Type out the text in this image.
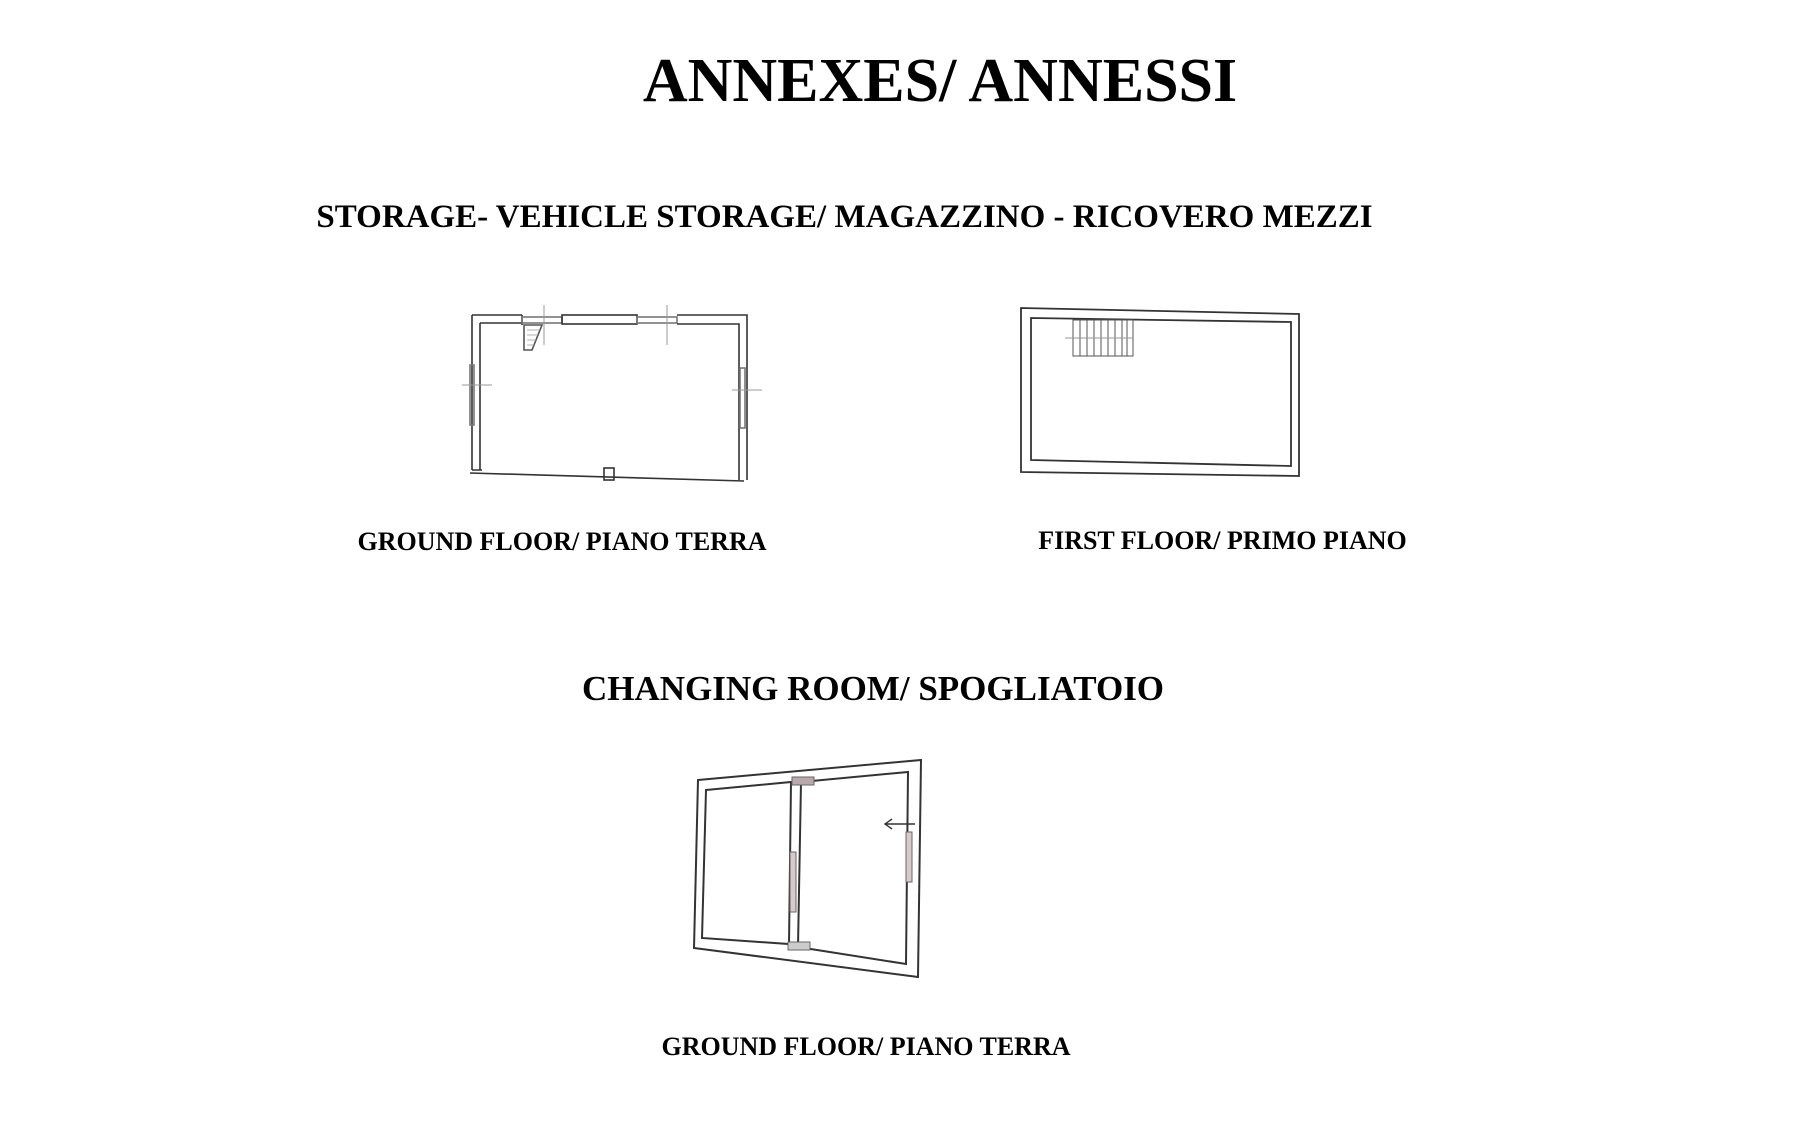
ANNEXES/ ANNESSI
STORAGE- VEHICLE STORAGE/ MAGAZZINO - RICOVERO MEZZI
GROUND FLOOR/ PIANO TERRA	FIRST FLOOR/ PRIMO PIANO
CHANGING ROOM/ SPOGLIATOIO
GROUND FLOOR/ PIANO TERRA
